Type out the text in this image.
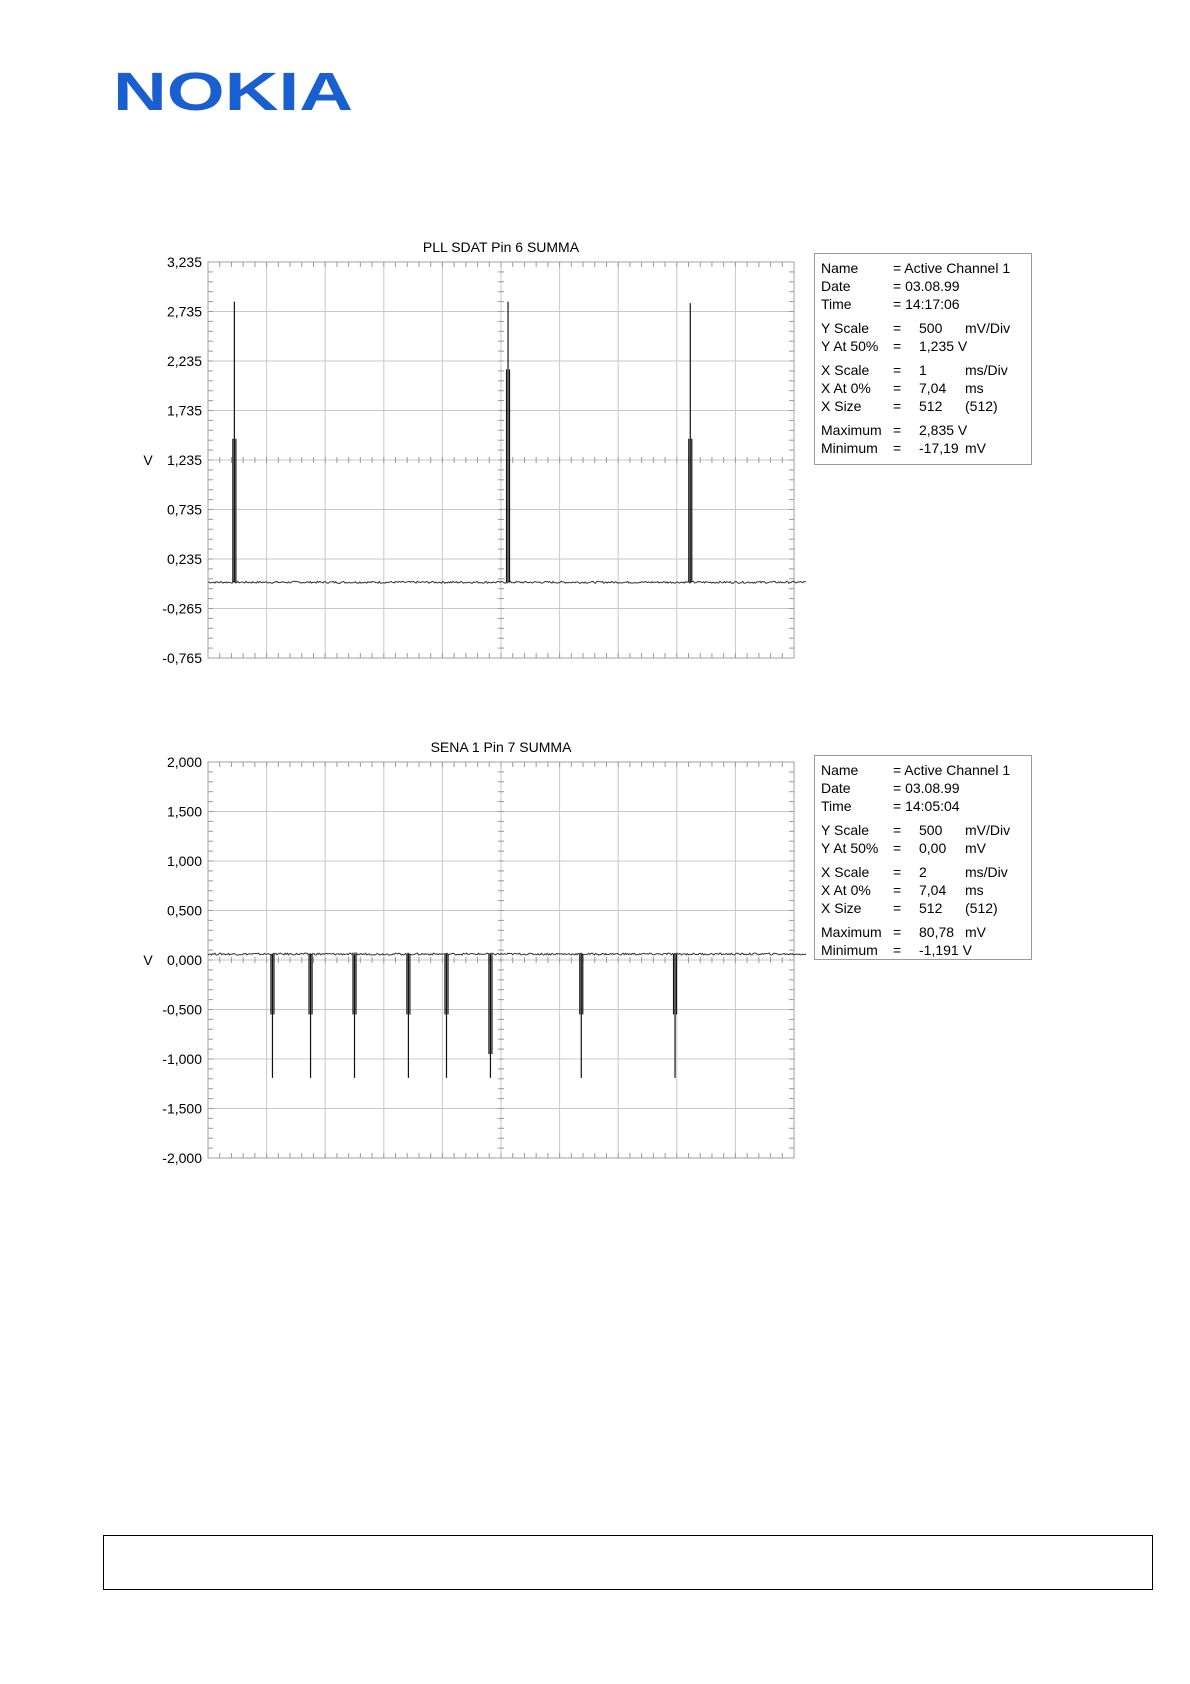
NOKIA
PLL SDAT Pin 6 SUMMA
3,235
2,735
2,235
1,735
1,235
0,735
0,235
-0,265
-0,765
V
Name = Active Channel 1
Date	= 03.08.99
Time	= 14:17:06
Y Scale = 500 mV/Div
Y At 50% = 1,235 V
X Scale = 1	ms/Div
X At 0% = 7,04 ms
X Size = 512 (512)
Maximum = 2,835 V
Minimum = -17,19 mV
SENA 1 Pin 7 SUMMA
2,000
1,500
1,000
0,500
0,000
-0,500
-1,000
-1,500
-2,000
V
Name = Active Channel 1
Date	= 03.08.99
Time	= 14:05:04
Y Scale = 500 mV/Div
Y At 50% = 0,00 mV
X Scale = 2	ms/Div
X At 0% = 7,04 ms
X Size = 512 (512)
Maximum = 80,78 mV
Minimum = -1,191 V
